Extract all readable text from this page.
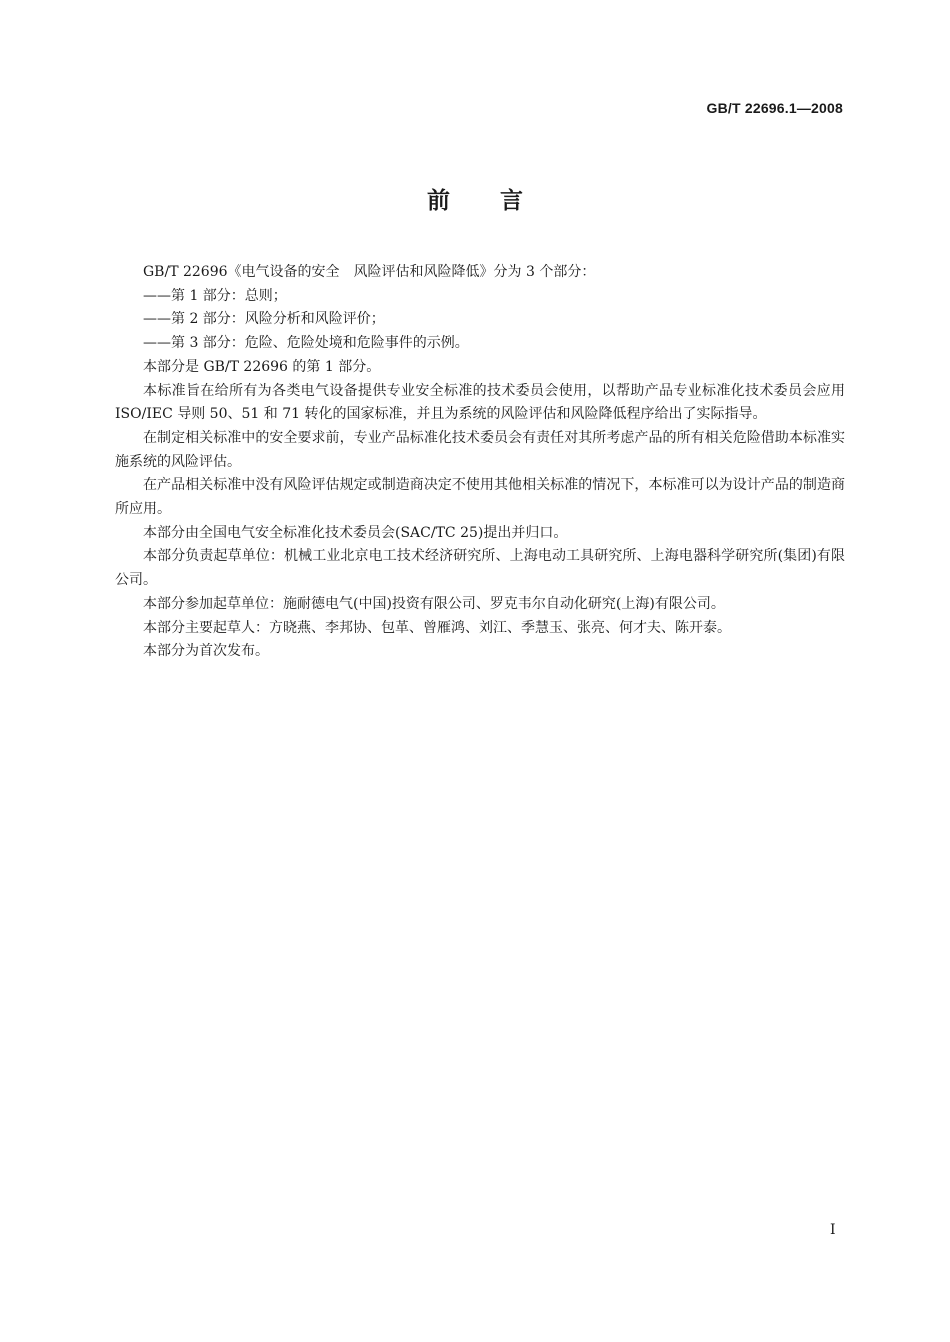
GB/T 22696.1—2008
前言

GB/T 22696《电气设备的安全　风险评估和风险降低》分为 3 个部分：

——第 1 部分：总则；

——第 2 部分：风险分析和风险评价；

——第 3 部分：危险、危险处境和危险事件的示例。

本部分是 GB/T 22696 的第 1 部分。

本标准旨在给所有为各类电气设备提供专业安全标准的技术委员会使用，以帮助产品专业标准化技术委员会应用 ISO/IEC 导则 50、51 和 71 转化的国家标准，并且为系统的风险评估和风险降低程序给出了实际指导。

在制定相关标准中的安全要求前，专业产品标准化技术委员会有责任对其所考虑产品的所有相关危险借助本标准实施系统的风险评估。

在产品相关标准中没有风险评估规定或制造商决定不使用其他相关标准的情况下，本标准可以为设计产品的制造商所应用。

本部分由全国电气安全标准化技术委员会(SAC/TC 25)提出并归口。

本部分负责起草单位：机械工业北京电工技术经济研究所、上海电动工具研究所、上海电器科学研究所(集团)有限公司。

本部分参加起草单位：施耐德电气(中国)投资有限公司、罗克韦尔自动化研究(上海)有限公司。

本部分主要起草人：方晓燕、李邦协、包革、曾雁鸿、刘江、季慧玉、张亮、何才夫、陈开泰。

本部分为首次发布。

I
